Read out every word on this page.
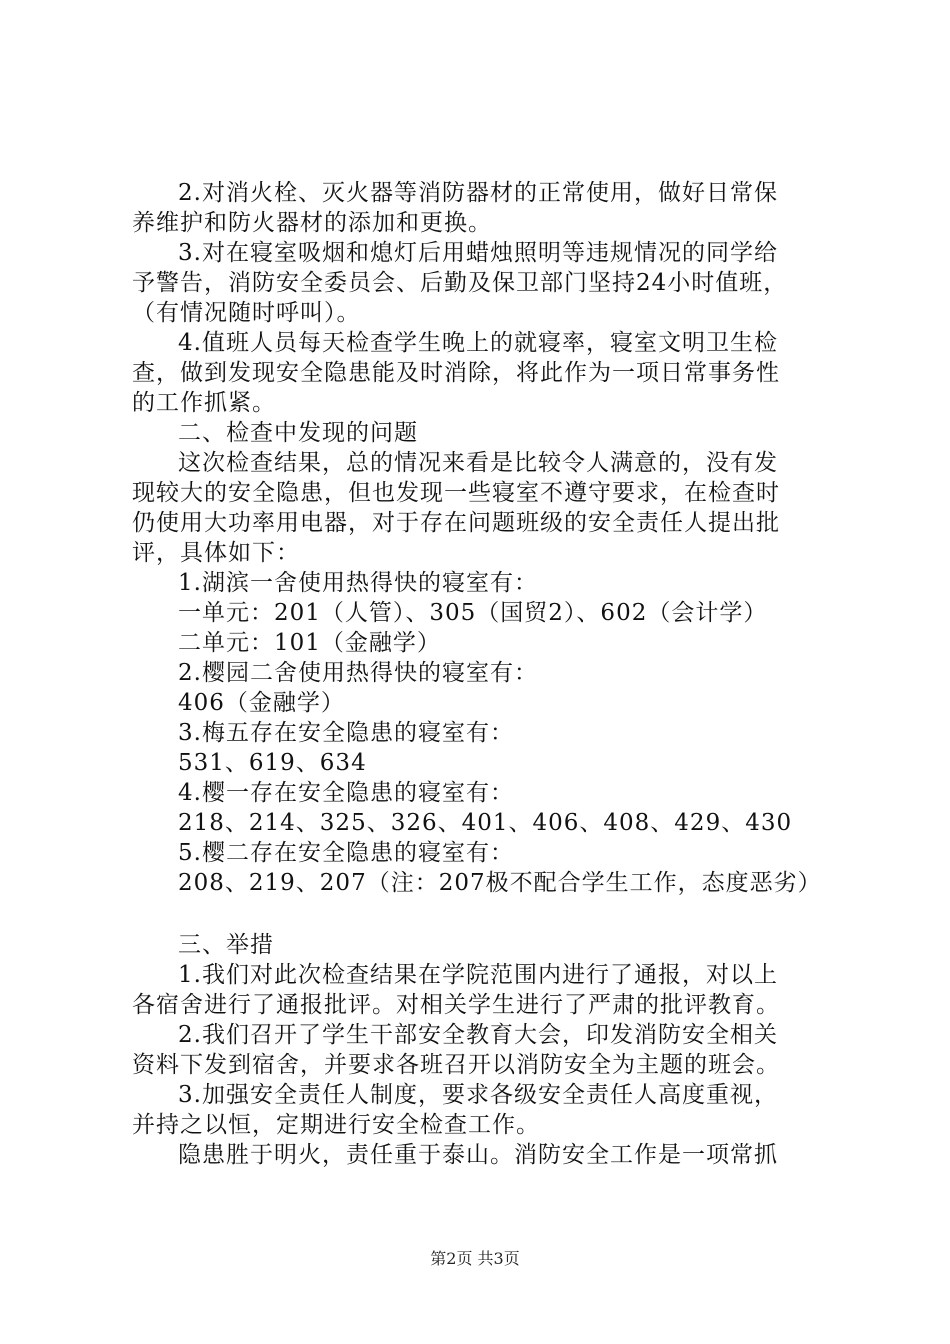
2.对消火栓、灭火器等消防器材的正常使用，做好日常保
养维护和防火器材的添加和更换。
3.对在寝室吸烟和熄灯后用蜡烛照明等违规情况的同学给
予警告，消防安全委员会、后勤及保卫部门坚持24小时值班，
（有情况随时呼叫）。
4.值班人员每天检查学生晚上的就寝率，寝室文明卫生检
查，做到发现安全隐患能及时消除，将此作为一项日常事务性
的工作抓紧。
二、检查中发现的问题
这次检查结果，总的情况来看是比较令人满意的，没有发
现较大的安全隐患，但也发现一些寝室不遵守要求，在检查时
仍使用大功率用电器，对于存在问题班级的安全责任人提出批
评，具体如下：
1.湖滨一舍使用热得快的寝室有：
一单元：201（人管）、305（国贸2）、602（会计学）
二单元：101（金融学）
2.樱园二舍使用热得快的寝室有：
406（金融学）
3.梅五存在安全隐患的寝室有：
531、619、634
4.樱一存在安全隐患的寝室有：
218、214、325、326、401、406、408、429、430
5.樱二存在安全隐患的寝室有：
208、219、207（注：207极不配合学生工作，态度恶劣）
三、举措
1.我们对此次检查结果在学院范围内进行了通报，对以上
各宿舍进行了通报批评。对相关学生进行了严肃的批评教育。
2.我们召开了学生干部安全教育大会，印发消防安全相关
资料下发到宿舍，并要求各班召开以消防安全为主题的班会。
3.加强安全责任人制度，要求各级安全责任人高度重视，
并持之以恒，定期进行安全检查工作。
隐患胜于明火，责任重于泰山。消防安全工作是一项常抓
第2页 共3页
